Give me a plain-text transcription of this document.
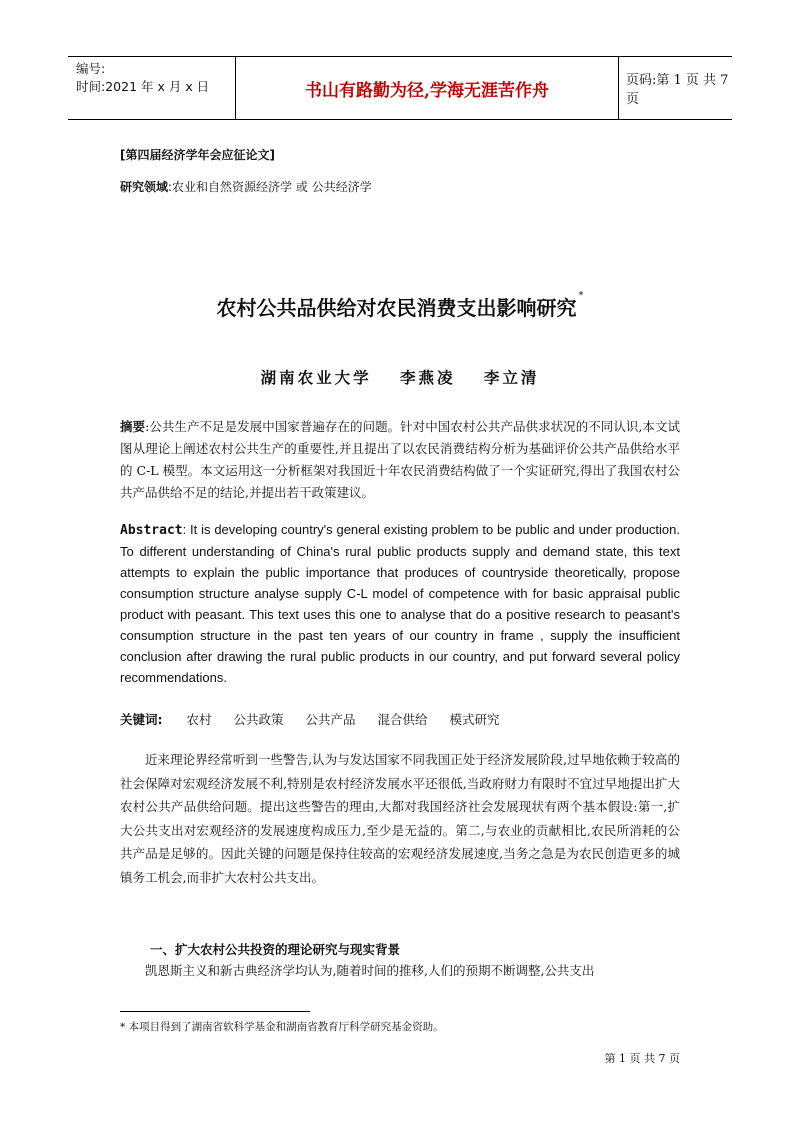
编号:
时间:2021 年 x 月 x 日	书山有路勤为径,学海无涯苦作舟	页码:第 1 页 共 7 页
[第四届经济学年会应征论文]
研究领域:农业和自然资源经济学 或 公共经济学
农村公共品供给对农民消费支出影响研究*
湖南农业大学 李燕凌 李立清
摘要:公共生产不足是发展中国家普遍存在的问题。针对中国农村公共产品供求状况的不同认识,本文试图从理论上阐述农村公共生产的重要性,并且提出了以农民消费结构分析为基础评价公共产品供给水平的 C-L 模型。本文运用这一分析框架对我国近十年农民消费结构做了一个实证研究,得出了我国农村公共产品供给不足的结论,并提出若干政策建议。
Abstract: It is developing country's general existing problem to be public and under production. To different understanding of China's rural public products supply and demand state, this text attempts to explain the public importance that produces of countryside theoretically, propose consumption structure analyse supply C-L model of competence with for basic appraisal public product with peasant. This text uses this one to analyse that do a positive research to peasant's consumption structure in the past ten years of our country in frame , supply the insufficient conclusion after drawing the rural public products in our country, and put forward several policy recommendations.
关键词: 农村 公共政策 公共产品 混合供给 模式研究
近来理论界经常听到一些警告,认为与发达国家不同我国正处于经济发展阶段,过早地依赖于较高的社会保障对宏观经济发展不利,特别是农村经济发展水平还很低,当政府财力有限时不宜过早地提出扩大农村公共产品供给问题。提出这些警告的理由,大都对我国经济社会发展现状有两个基本假设:第一,扩大公共支出对宏观经济的发展速度构成压力,至少是无益的。第二,与农业的贡献相比,农民所消耗的公共产品是足够的。因此关键的问题是保持住较高的宏观经济发展速度,当务之急是为农民创造更多的城镇务工机会,而非扩大农村公共支出。
一、扩大农村公共投资的理论研究与现实背景
凯恩斯主义和新古典经济学均认为,随着时间的推移,人们的预期不断调整,公共支出
* 本项目得到了湖南省软科学基金和湖南省教育厅科学研究基金资助。
第 1 页 共 7 页
